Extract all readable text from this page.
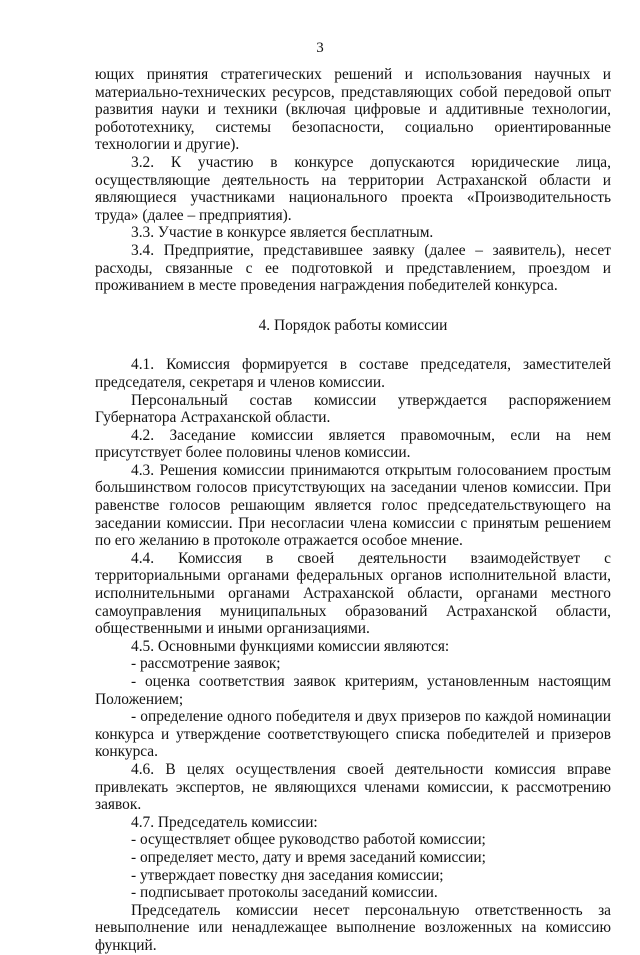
3

ющих принятия стратегических решений и использования научных и материально-технических ресурсов, представляющих собой передовой опыт развития науки и техники (включая цифровые и аддитивные технологии, робототехнику, системы безопасности, социально ориентированные технологии и другие).

3.2. К участию в конкурсе допускаются юридические лица, осуществляющие деятельность на территории Астраханской области и являющиеся участниками национального проекта «Производительность труда» (далее – предприятия).

3.3. Участие в конкурсе является бесплатным.

3.4. Предприятие, представившее заявку (далее – заявитель), несет расходы, связанные с ее подготовкой и представлением, проездом и проживанием в месте проведения награждения победителей конкурса.

4. Порядок работы комиссии

4.1. Комиссия формируется в составе председателя, заместителей председателя, секретаря и членов комиссии.

Персональный состав комиссии утверждается распоряжением Губернатора Астраханской области.

4.2. Заседание комиссии является правомочным, если на нем присутствует более половины членов комиссии.

4.3. Решения комиссии принимаются открытым голосованием простым большинством голосов присутствующих на заседании членов комиссии. При равенстве голосов решающим является голос председательствующего на заседании комиссии. При несогласии члена комиссии с принятым решением по его желанию в протоколе отражается особое мнение.

4.4. Комиссия в своей деятельности взаимодействует с территориальными органами федеральных органов исполнительной власти, исполнительными органами Астраханской области, органами местного самоуправления муниципальных образований Астраханской области, общественными и иными организациями.

4.5. Основными функциями комиссии являются:

- рассмотрение заявок;

- оценка соответствия заявок критериям, установленным настоящим Положением;

- определение одного победителя и двух призеров по каждой номинации конкурса и утверждение соответствующего списка победителей и призеров конкурса.

4.6. В целях осуществления своей деятельности комиссия вправе привлекать экспертов, не являющихся членами комиссии, к рассмотрению заявок.

4.7. Председатель комиссии:

- осуществляет общее руководство работой комиссии;

- определяет место, дату и время заседаний комиссии;

- утверждает повестку дня заседания комиссии;

- подписывает протоколы заседаний комиссии.

Председатель комиссии несет персональную ответственность за невыполнение или ненадлежащее выполнение возложенных на комиссию функций.
